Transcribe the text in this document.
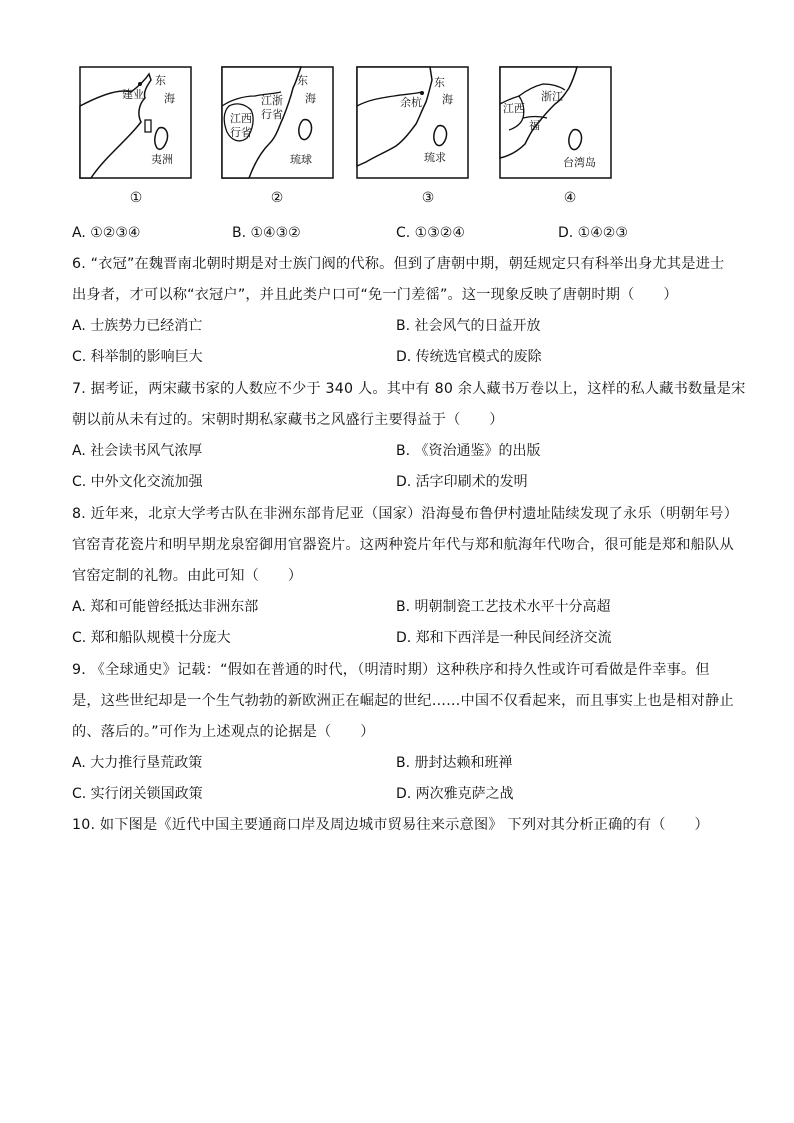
建业
东
海
夷洲
①
东
海
江浙
行省
江西
行省
琉球
②
东
海
余杭
琉求
③
浙江
江西
福
台湾岛
④
A. ①②③④	B. ①④③②	C. ①③②④	D. ①④②③
6. “衣冠”在魏晋南北朝时期是对士族门阀的代称。但到了唐朝中期，朝廷规定只有科举出身尤其是进士
出身者，才可以称“衣冠户”，并且此类户口可“免一门差徭”。这一现象反映了唐朝时期（　　）
A. 士族势力已经消亡	B. 社会风气的日益开放
C. 科举制的影响巨大	D. 传统选官模式的废除
7. 据考证，两宋藏书家的人数应不少于 340 人。其中有 80 余人藏书万卷以上，这样的私人藏书数量是宋
朝以前从未有过的。宋朝时期私家藏书之风盛行主要得益于（　　）
A. 社会读书风气浓厚	B. 《资治通鉴》的出版
C. 中外文化交流加强	D. 活字印刷术的发明
8. 近年来，北京大学考古队在非洲东部肯尼亚（国家）沿海曼布鲁伊村遗址陆续发现了永乐（明朝年号）
官窑青花瓷片和明早期龙泉窑御用官器瓷片。这两种瓷片年代与郑和航海年代吻合，很可能是郑和船队从
官窑定制的礼物。由此可知（　　）
A. 郑和可能曾经抵达非洲东部	B. 明朝制瓷工艺技术水平十分高超
C. 郑和船队规模十分庞大	D. 郑和下西洋是一种民间经济交流
9. 《全球通史》记载：“假如在普通的时代，（明清时期）这种秩序和持久性或许可看做是件幸事。但
是，这些世纪却是一个生气勃勃的新欧洲正在崛起的世纪……中国不仅看起来，而且事实上也是相对静止
的、落后的。”可作为上述观点的论据是（　　）
A. 大力推行垦荒政策	B. 册封达赖和班禅
C. 实行闭关锁国政策	D. 两次雅克萨之战
10. 如下图是《近代中国主要通商口岸及周边城市贸易往来示意图》 下列对其分析正确的有（　　）
